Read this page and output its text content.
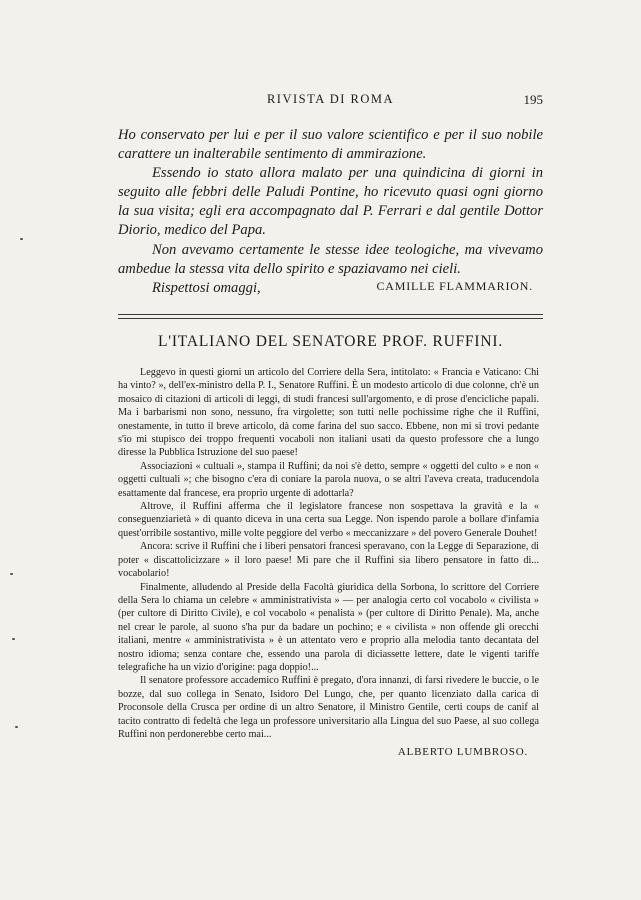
RIVISTA DI ROMA	195

Ho conservato per lui e per il suo valore scientifico e per il suo nobile carattere un inalterabile sentimento di ammirazione.

Essendo io stato allora malato per una quindicina di giorni in seguito alle febbri delle Paludi Pontine, ho ricevuto quasi ogni giorno la sua visita; egli era accompagnato dal P. Ferrari e dal gentile Dottor Diorio, medico del Papa.

Non avevamo certamente le stesse idee teologiche, ma vivevamo ambedue la stessa vita dello spirito e spaziavamo nei cieli.

Rispettosi omaggi,	CAMILLE FLAMMARION.
L'ITALIANO DEL SENATORE PROF. RUFFINI.

Leggevo in questi giorni un articolo del Corriere della Sera, intitolato: « Francia e Vaticano: Chi ha vinto? », dell'ex-ministro della P. I., Senatore Ruffini. È un modesto articolo di due colonne, ch'è un mosaico di citazioni di articoli di leggi, di studi francesi sull'argomento, e di prose d'encicliche papali. Ma i barbarismi non sono, nessuno, fra virgolette; son tutti nelle pochissime righe che il Ruffini, onestamente, in tutto il breve articolo, dà come farina del suo sacco. Ebbene, non mi si trovi pedante s'io mi stupisco dei troppo frequenti vocaboli non italiani usati da questo professore che a lungo diresse la Pubblica Istruzione del suo paese!

Associazioni « cultuali », stampa il Ruffini; da noi s'è detto, sempre « oggetti del culto » e non « oggetti cultuali »; che bisogno c'era di coniare la parola nuova, o se altri l'aveva creata, traducendola esattamente dal francese, era proprio urgente di adottarla?

Altrove, il Ruffini afferma che il legislatore francese non sospettava la gravità e la « conseguenziarietà » di quanto diceva in una certa sua Legge. Non ispendo parole a bollare d'infamia quest'orribile sostantivo, mille volte peggiore del verbo « meccanizzare » del povero Generale Douhet!

Ancora: scrive il Ruffini che i liberi pensatori francesi speravano, con la Legge di Separazione, di poter « discattolicizzare » il loro paese! Mi pare che il Ruffini sia libero pensatore in fatto di... vocabolario!

Finalmente, alludendo al Preside della Facoltà giuridica della Sorbona, lo scrittore del Corriere della Sera lo chiama un celebre « amministrativista » — per analogia certo col vocabolo « civilista » (per cultore di Diritto Civile), e col vocabolo « penalista » (per cultore di Diritto Penale). Ma, anche nel crear le parole, al suono s'ha pur da badare un pochino; e « civilista » non offende gli orecchi italiani, mentre « amministrativista » è un attentato vero e proprio alla melodia tanto decantata del nostro idioma; senza contare che, essendo una parola di diciassette lettere, date le vigenti tariffe telegrafiche ha un vizio d'origine: paga doppio!...

Il senatore professore accademico Ruffini è pregato, d'ora innanzi, di farsi rivedere le buccie, o le bozze, dal suo collega in Senato, Isidoro Del Lungo, che, per quanto licenziato dalla carica di Proconsole della Crusca per ordine di un altro Senatore, il Ministro Gentile, certi coups de canif al tacito contratto di fedeltà che lega un professore universitario alla Lingua del suo Paese, al suo collega Ruffini non perdonerebbe certo mai...

ALBERTO LUMBROSO.
